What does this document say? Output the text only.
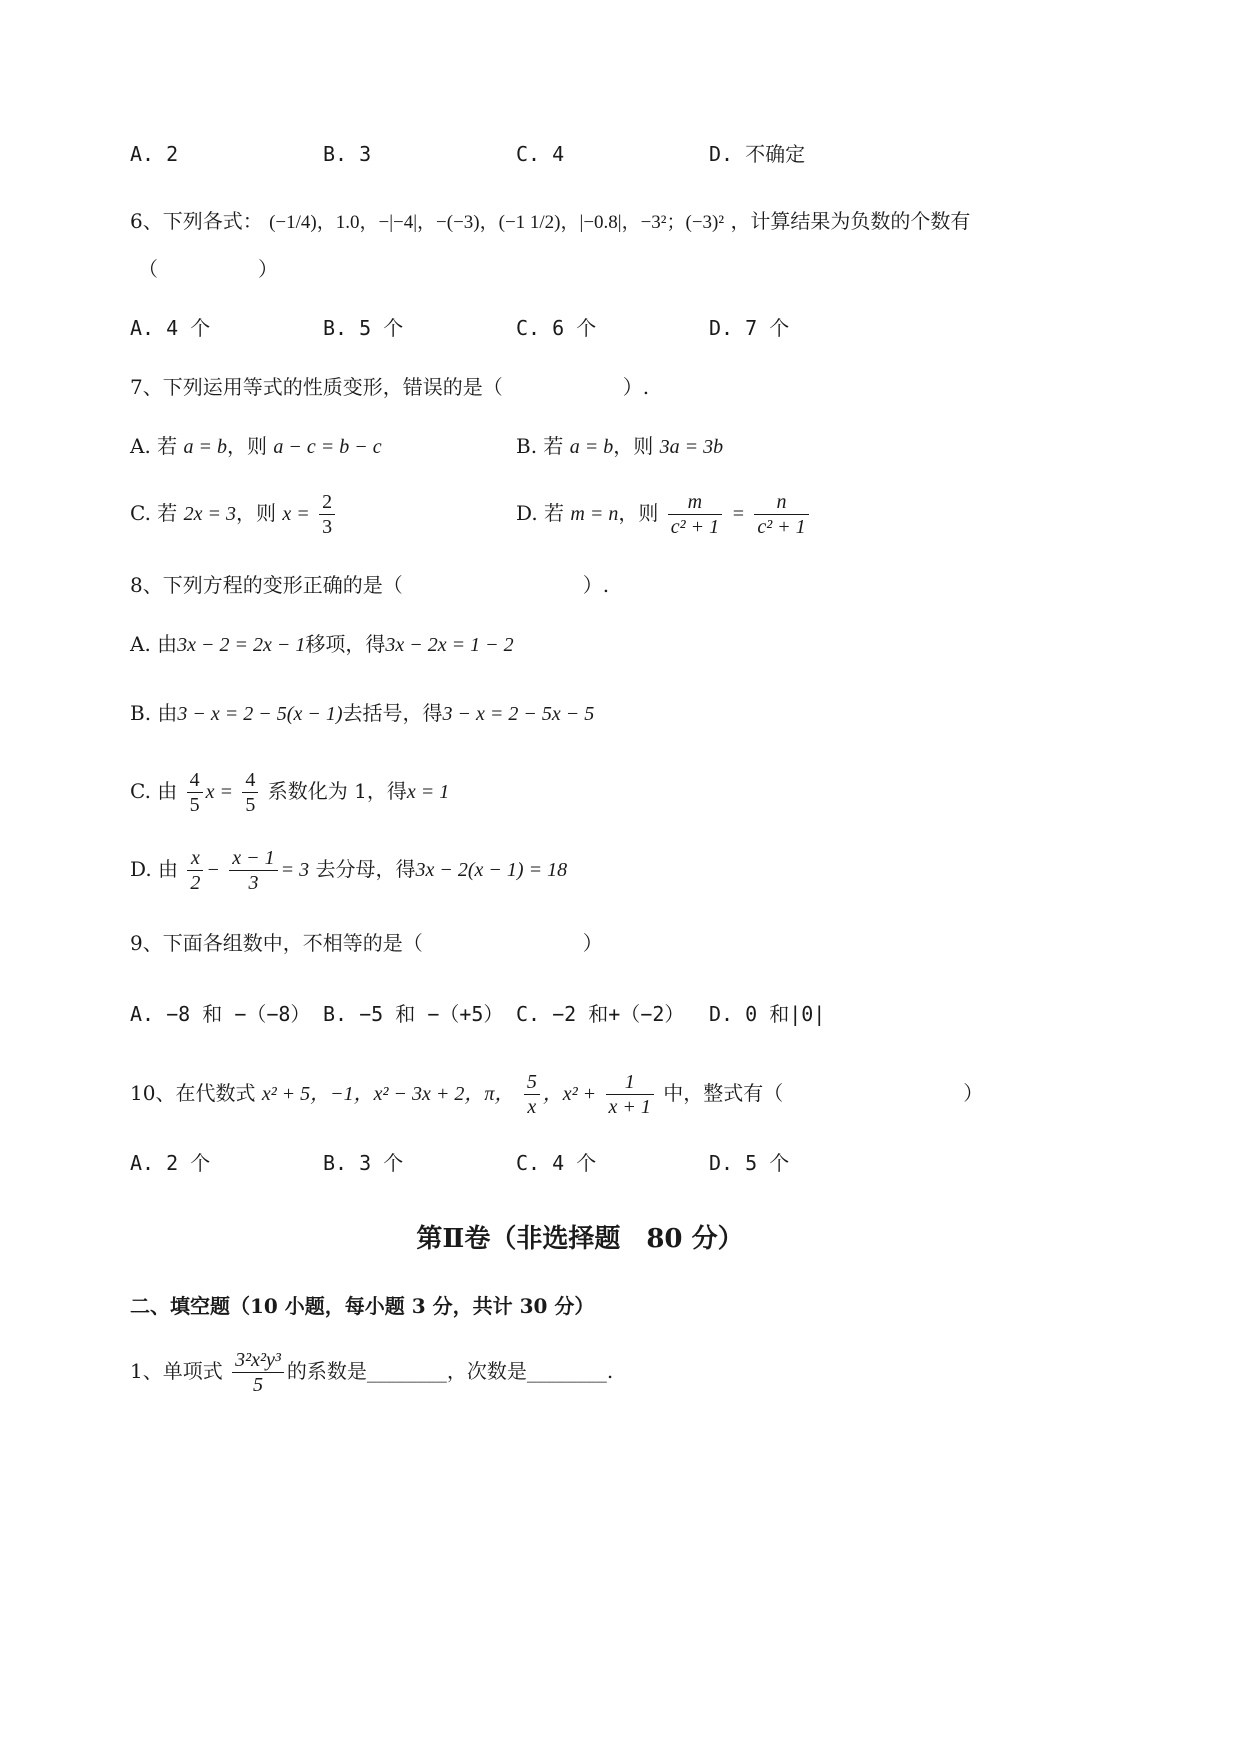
A. 2	B. 3	C. 4	D. 不确定
6、下列各式： (−1/4)，1.0，−|−4|，−(−3)，(−1 1/2)，|−0.8|，−3²；(−3)² ，计算结果为负数的个数有
（　　　　　）
A. 4 个	B. 5 个	C. 6 个	D. 7 个
7、下列运用等式的性质变形，错误的是（　　　　　　）.
A. 若 a = b，则 a − c = b − c	B. 若 a = b，则 3a = 3b
C. 若 2x = 3，则 $x = \frac{2}{3}$	D. 若 m = n，则 $\frac{m}{\text{c² + 1}} = \frac{n}{\text{c² + 1}}$
8、下列方程的变形正确的是（　　　　　　　　　）.
A. 由3x − 2 = 2x − 1移项，得3x − 2x = 1 − 2
B. 由3 − x = 2 − 5(x − 1)去括号，得3 − x = 2 − 5x − 5
C. 由 $\frac{4}{5}$ $x = \frac{4}{5}$ 系数化为 1，得x = 1
D. 由 $\frac{x}{2} - \frac{x - 1}{3} = 3$ 去分母，得3x − 2(x − 1) = 18
9、下面各组数中，不相等的是（　　　　　　　　）
A. −8 和 −（−8） B. −5 和 −（+5） C. −2 和+（−2） D. 0 和|0|
10、在代数式 x² + 5，−1，x² − 3x + 2，π， $\frac{5}{x}$ ，$x^2 + \frac{1}{x + 1}$ 中，整式有（　　　　　　　　　）
A. 2 个	B. 3 个	C. 4 个	D. 5 个
第Ⅱ卷（非选择题　80 分）
二、填空题（10 小题，每小题 3 分，共计 30 分）
1、单项式 $\frac{\text{3²x²y³}}{5}$ 的系数是________，次数是________.
